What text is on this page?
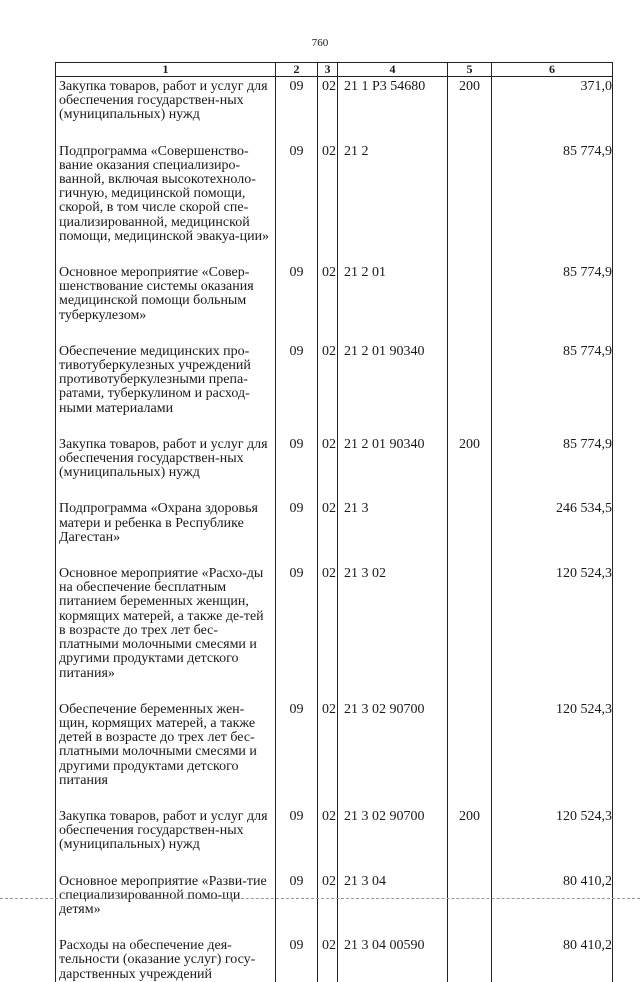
760
1	2	3	4	5	6
Закупка товаров, работ и услуг для обеспечения государствен-ных (муниципальных) нужд	09	02	21 1 P3 54680	200	371,0
Подпрограмма «Совершенство-вание оказания специализиро-ванной, включая высокотехноло-гичную, медицинской помощи, скорой, в том числе скорой спе-циализированной, медицинской помощи, медицинской эвакуа-ции»	09	02	21 2		85 774,9
Основное мероприятие «Совер-шенствование системы оказания медицинской помощи больным туберкулезом»	09	02	21 2 01		85 774,9
Обеспечение медицинских про-тивотуберкулезных учреждений противотуберкулезными препа-ратами, туберкулином и расход-ными материалами	09	02	21 2 01 90340		85 774,9
Закупка товаров, работ и услуг для обеспечения государствен-ных (муниципальных) нужд	09	02	21 2 01 90340	200	85 774,9
Подпрограмма «Охрана здоровья матери и ребенка в Республике Дагестан»	09	02	21 3		246 534,5
Основное мероприятие «Расхо-ды на обеспечение бесплатным питанием беременных женщин, кормящих матерей, а также де-тей в возрасте до трех лет бес-платными молочными смесями и другими продуктами детского питания»	09	02	21 3 02		120 524,3
Обеспечение беременных жен-щин, кормящих матерей, а также детей в возрасте до трех лет бес-платными молочными смесями и другими продуктами детского питания	09	02	21 3 02 90700		120 524,3
Закупка товаров, работ и услуг для обеспечения государствен-ных (муниципальных) нужд	09	02	21 3 02 90700	200	120 524,3
Основное мероприятие «Разви-тие специализированной помо-щи детям»	09	02	21 3 04		80 410,2
Расходы на обеспечение дея-тельности (оказание услуг) госу-дарственных учреждений	09	02	21 3 04 00590		80 410,2
